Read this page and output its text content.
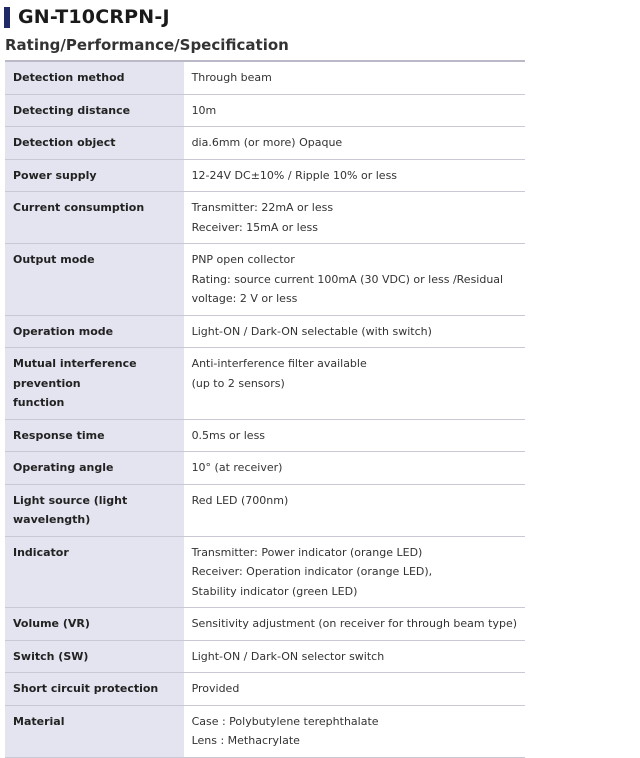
GN-T10CRPN-J
Rating/Performance/Specification
Detection method	Through beam

Detecting distance	10m

Detection object	dia.6mm (or more) Opaque

Power supply	12-24V DC±10% / Ripple 10% or less

Current consumption	Transmitter: 22mA or less
Receiver: 15mA or less

Output mode	PNP open collector
Rating: source current 100mA (30 VDC) or less /Residual
voltage: 2 V or less

Operation mode	Light-ON / Dark-ON selectable (with switch)

Mutual interference prevention
function	Anti-interference filter available
(up to 2 sensors)

Response time	0.5ms or less

Operating angle	10° (at receiver)

Light source (light wavelength)	Red LED (700nm)

Indicator	Transmitter: Power indicator (orange LED)
Receiver: Operation indicator (orange LED),
Stability indicator (green LED)

Volume (VR)	Sensitivity adjustment (on receiver for through beam type)

Switch (SW)	Light-ON / Dark-ON selector switch

Short circuit protection	Provided

Material	Case : Polybutylene terephthalate
Lens : Methacrylate
